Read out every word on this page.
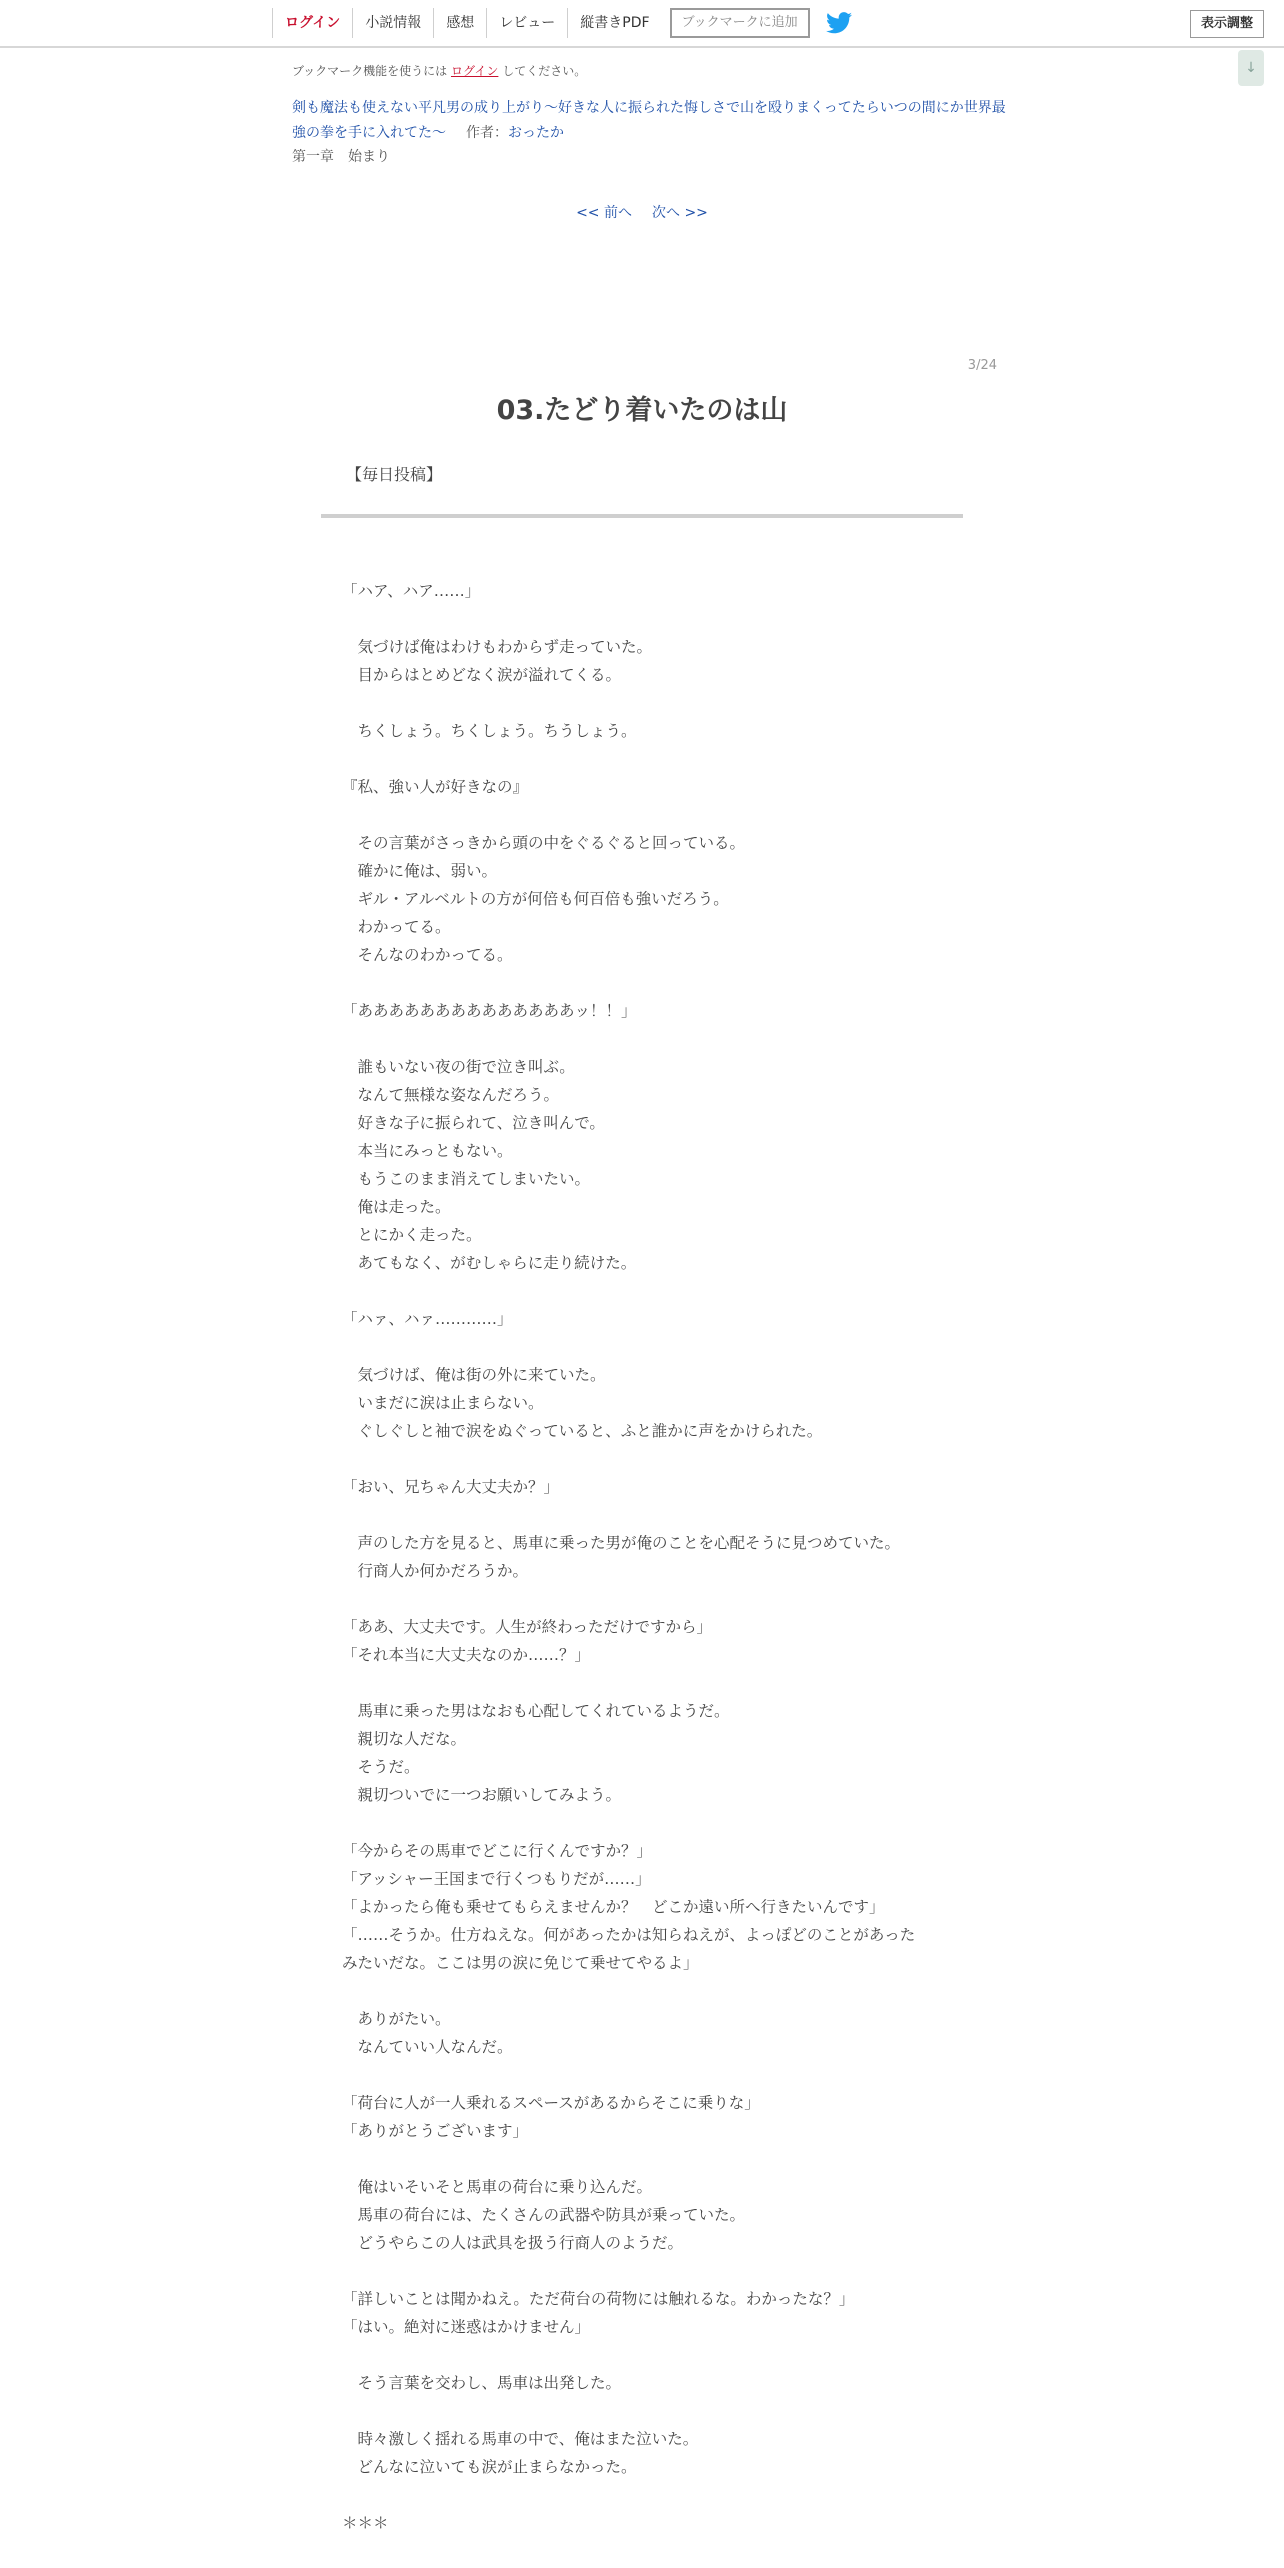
ログイン	小説情報	感想	レビュー	縦書きPDF	ブックマークに追加	表示調整
↓
ブックマーク機能を使うには ログイン してください。
剣も魔法も使えない平凡男の成り上がり〜好きな人に振られた悔しさで山を殴りまくってたらいつの間にか世界最強の拳を手に入れてた〜 作者：おったか
第一章　始まり
<< 前へ 次へ >>
3/24
03.たどり着いたのは山
【毎日投稿】
「ハア、ハア……」
　気づけば俺はわけもわからず走っていた。
　目からはとめどなく涙が溢れてくる。
　ちくしょう。ちくしょう。ちうしょう。
『私、強い人が好きなの』
　その言葉がさっきから頭の中をぐるぐると回っている。
　確かに俺は、弱い。
　ギル・アルベルトの方が何倍も何百倍も強いだろう。
　わかってる。
　そんなのわかってる。
「ああああああああああああああッ！！」
　誰もいない夜の街で泣き叫ぶ。
　なんて無様な姿なんだろう。
　好きな子に振られて、泣き叫んで。
　本当にみっともない。
　もうこのまま消えてしまいたい。
　俺は走った。
　とにかく走った。
　あてもなく、がむしゃらに走り続けた。
「ハァ、ハァ…………」
　気づけば、俺は街の外に来ていた。
　いまだに涙は止まらない。
　ぐしぐしと袖で涙をぬぐっていると、ふと誰かに声をかけられた。
「おい、兄ちゃん大丈夫か？」
　声のした方を見ると、馬車に乗った男が俺のことを心配そうに見つめていた。
　行商人か何かだろうか。
「ああ、大丈夫です。人生が終わっただけですから」
「それ本当に大丈夫なのか……？」
　馬車に乗った男はなおも心配してくれているようだ。
　親切な人だな。
　そうだ。
　親切ついでに一つお願いしてみよう。
「今からその馬車でどこに行くんですか？」
「アッシャー王国まで行くつもりだが……」
「よかったら俺も乗せてもらえませんか？　どこか遠い所へ行きたいんです」
「……そうか。仕方ねえな。何があったかは知らねえが、よっぽどのことがあった
みたいだな。ここは男の涙に免じて乗せてやるよ」
　ありがたい。
　なんていい人なんだ。
「荷台に人が一人乗れるスペースがあるからそこに乗りな」
「ありがとうございます」
　俺はいそいそと馬車の荷台に乗り込んだ。
　馬車の荷台には、たくさんの武器や防具が乗っていた。
　どうやらこの人は武具を扱う行商人のようだ。
「詳しいことは聞かねえ。ただ荷台の荷物には触れるな。わかったな？」
「はい。絶対に迷惑はかけません」
　そう言葉を交わし、馬車は出発した。
　時々激しく揺れる馬車の中で、俺はまた泣いた。
　どんなに泣いても涙が止まらなかった。
＊＊＊
